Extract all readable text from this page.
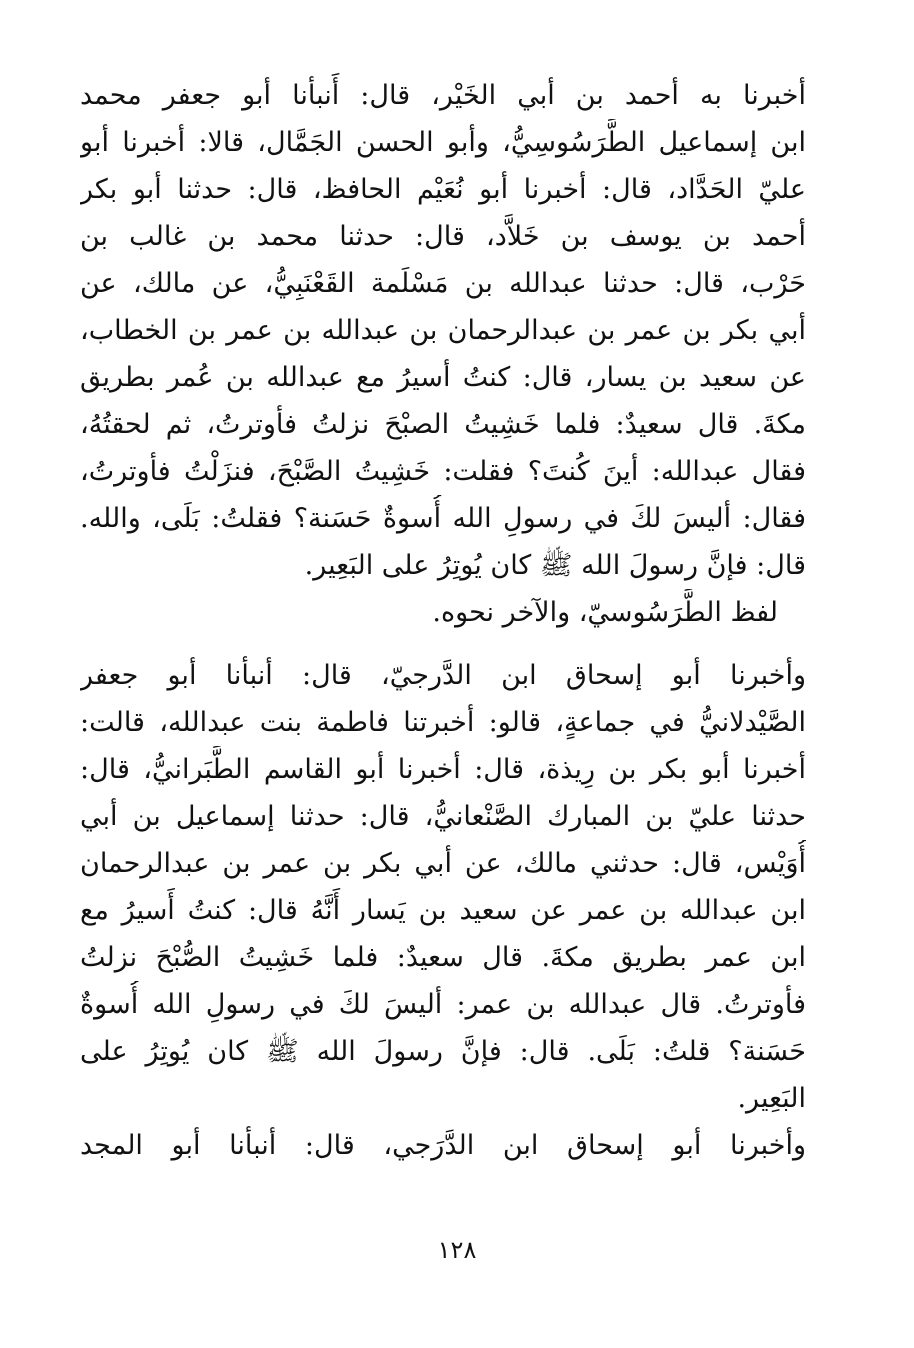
أخبرنا به أحمد بن أبي الخَيْر، قال: أَنبأنا أبو جعفر محمد
ابن إسماعيل الطَّرَسُوسِيُّ، وأبو الحسن الجَمَّال، قالا: أخبرنا أبو
عليّ الحَدَّاد، قال: أخبرنا أبو نُعَيْم الحافظ، قال: حدثنا أبو بكر
أحمد بن يوسف بن خَلاَّد، قال: حدثنا محمد بن غالب بن
حَرْب، قال: حدثنا عبدالله بن مَسْلَمة القَعْنَبِيُّ، عن مالك، عن
أبي بكر بن عمر بن عبدالرحمان بن عبدالله بن عمر بن الخطاب،
عن سعيد بن يسار، قال: كنتُ أسيرُ مع عبدالله بن عُمر بطريق
مكةَ. قال سعيدٌ: فلما خَشِيتُ الصبْحَ نزلتُ فأوترتُ، ثم لحقتُهُ،
فقال عبدالله: أينَ كُنتَ؟ فقلت: خَشِيتُ الصَّبْحَ، فنزَلْتُ فأوترتُ،
فقال: أليسَ لكَ في رسولِ الله أُسوةٌ حَسَنة؟ فقلتُ: بَلَى، والله.
قال: فإنَّ رسولَ الله ﷺ كان يُوتِرُ على البَعِير.
لفظ الطَّرَسُوسيّ، والآخر نحوه.
وأخبرنا أبو إسحاق ابن الدَّرجيّ، قال: أنبأنا أبو جعفر
الصَّيْدلانيُّ في جماعةٍ، قالو: أخبرتنا فاطمة بنت عبدالله، قالت:
أخبرنا أبو بكر بن رِيذة، قال: أخبرنا أبو القاسم الطَّبَرانيُّ، قال:
حدثنا عليّ بن المبارك الصَّنْعانيُّ، قال: حدثنا إسماعيل بن أبي
أُوَيْس، قال: حدثني مالك، عن أبي بكر بن عمر بن عبدالرحمان
ابن عبدالله بن عمر عن سعيد بن يَسار أَنَّهُ قال: كنتُ أَسيرُ مع
ابن عمر بطريق مكةَ. قال سعيدٌ: فلما خَشِيتُ الصُّبْحَ نزلتُ
فأوترتُ. قال عبدالله بن عمر: أليسَ لكَ في رسولِ الله أُسوةٌ
حَسَنة؟ قلتُ: بَلَى. قال: فإنَّ رسولَ الله ﷺ كان يُوتِرُ على
البَعِير.
وأخبرنا أبو إسحاق ابن الدَّرَجي، قال: أنبأنا أبو المجد
١٢٨
